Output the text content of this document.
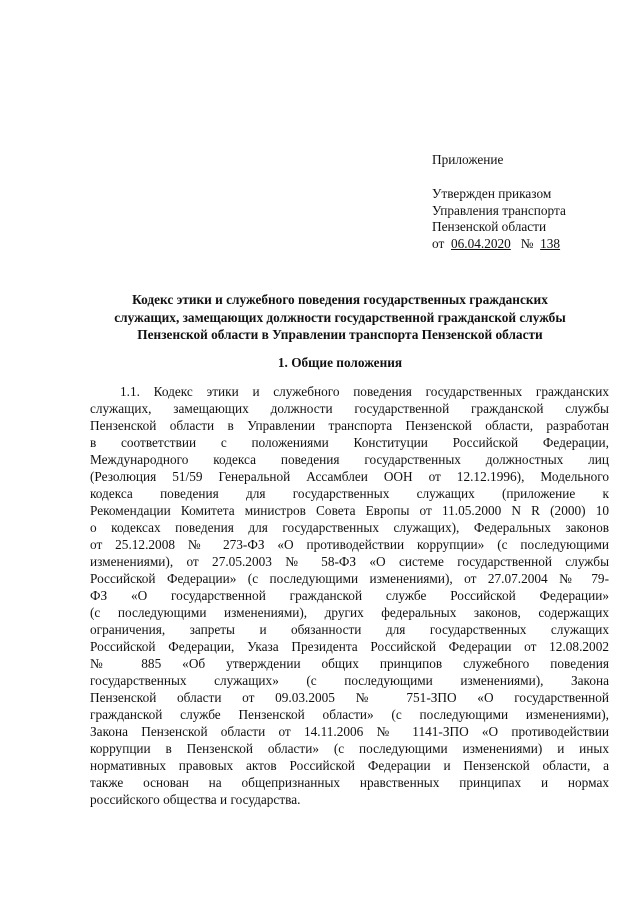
Приложение
Утвержден приказом
Управления транспорта
Пензенской области
от 06.04.2020 № 138
Кодекс этики и служебного поведения государственных гражданских
служащих, замещающих должности государственной гражданской службы
Пензенской области в Управлении транспорта Пензенской области
1. Общие положения
1.1. Кодекс этики и служебного поведения государственных гражданских
служащих, замещающих должности государственной гражданской службы
Пензенской области в Управлении транспорта Пензенской области, разработан
в соответствии с положениями Конституции Российской Федерации,
Международного кодекса поведения государственных должностных лиц
(Резолюция 51/59 Генеральной Ассамблеи ООН от 12.12.1996), Модельного
кодекса поведения для государственных служащих (приложение к
Рекомендации Комитета министров Совета Европы от 11.05.2000 N R (2000) 10
о кодексах поведения для государственных служащих), Федеральных законов
от 25.12.2008 № 273-ФЗ «О противодействии коррупции» (с последующими
изменениями), от 27.05.2003 № 58-ФЗ «О системе государственной службы
Российской Федерации» (с последующими изменениями), от 27.07.2004 № 79-
ФЗ «О государственной гражданской службе Российской Федерации»
(с последующими изменениями), других федеральных законов, содержащих
ограничения, запреты и обязанности для государственных служащих
Российской Федерации, Указа Президента Российской Федерации от 12.08.2002
№ 885 «Об утверждении общих принципов служебного поведения
государственных служащих» (с последующими изменениями), Закона
Пензенской области от 09.03.2005 № 751-ЗПО «О государственной
гражданской службе Пензенской области» (с последующими изменениями),
Закона Пензенской области от 14.11.2006 № 1141-ЗПО «О противодействии
коррупции в Пензенской области» (с последующими изменениями) и иных
нормативных правовых актов Российской Федерации и Пензенской области, а
также основан на общепризнанных нравственных принципах и нормах
российского общества и государства.
